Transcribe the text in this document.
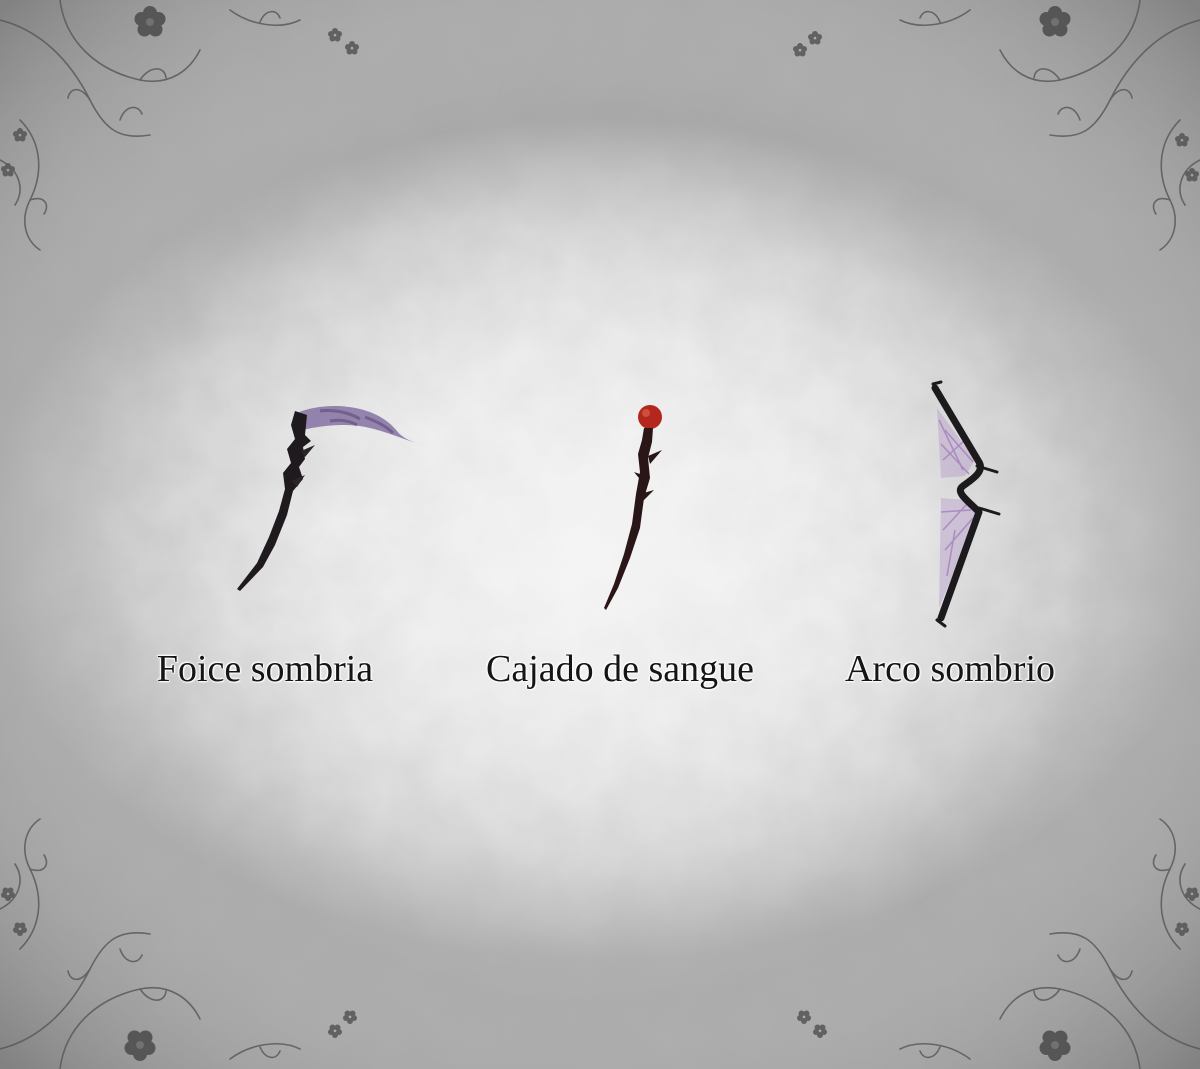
Foice sombria	Cajado de sangue	Arco sombrio
